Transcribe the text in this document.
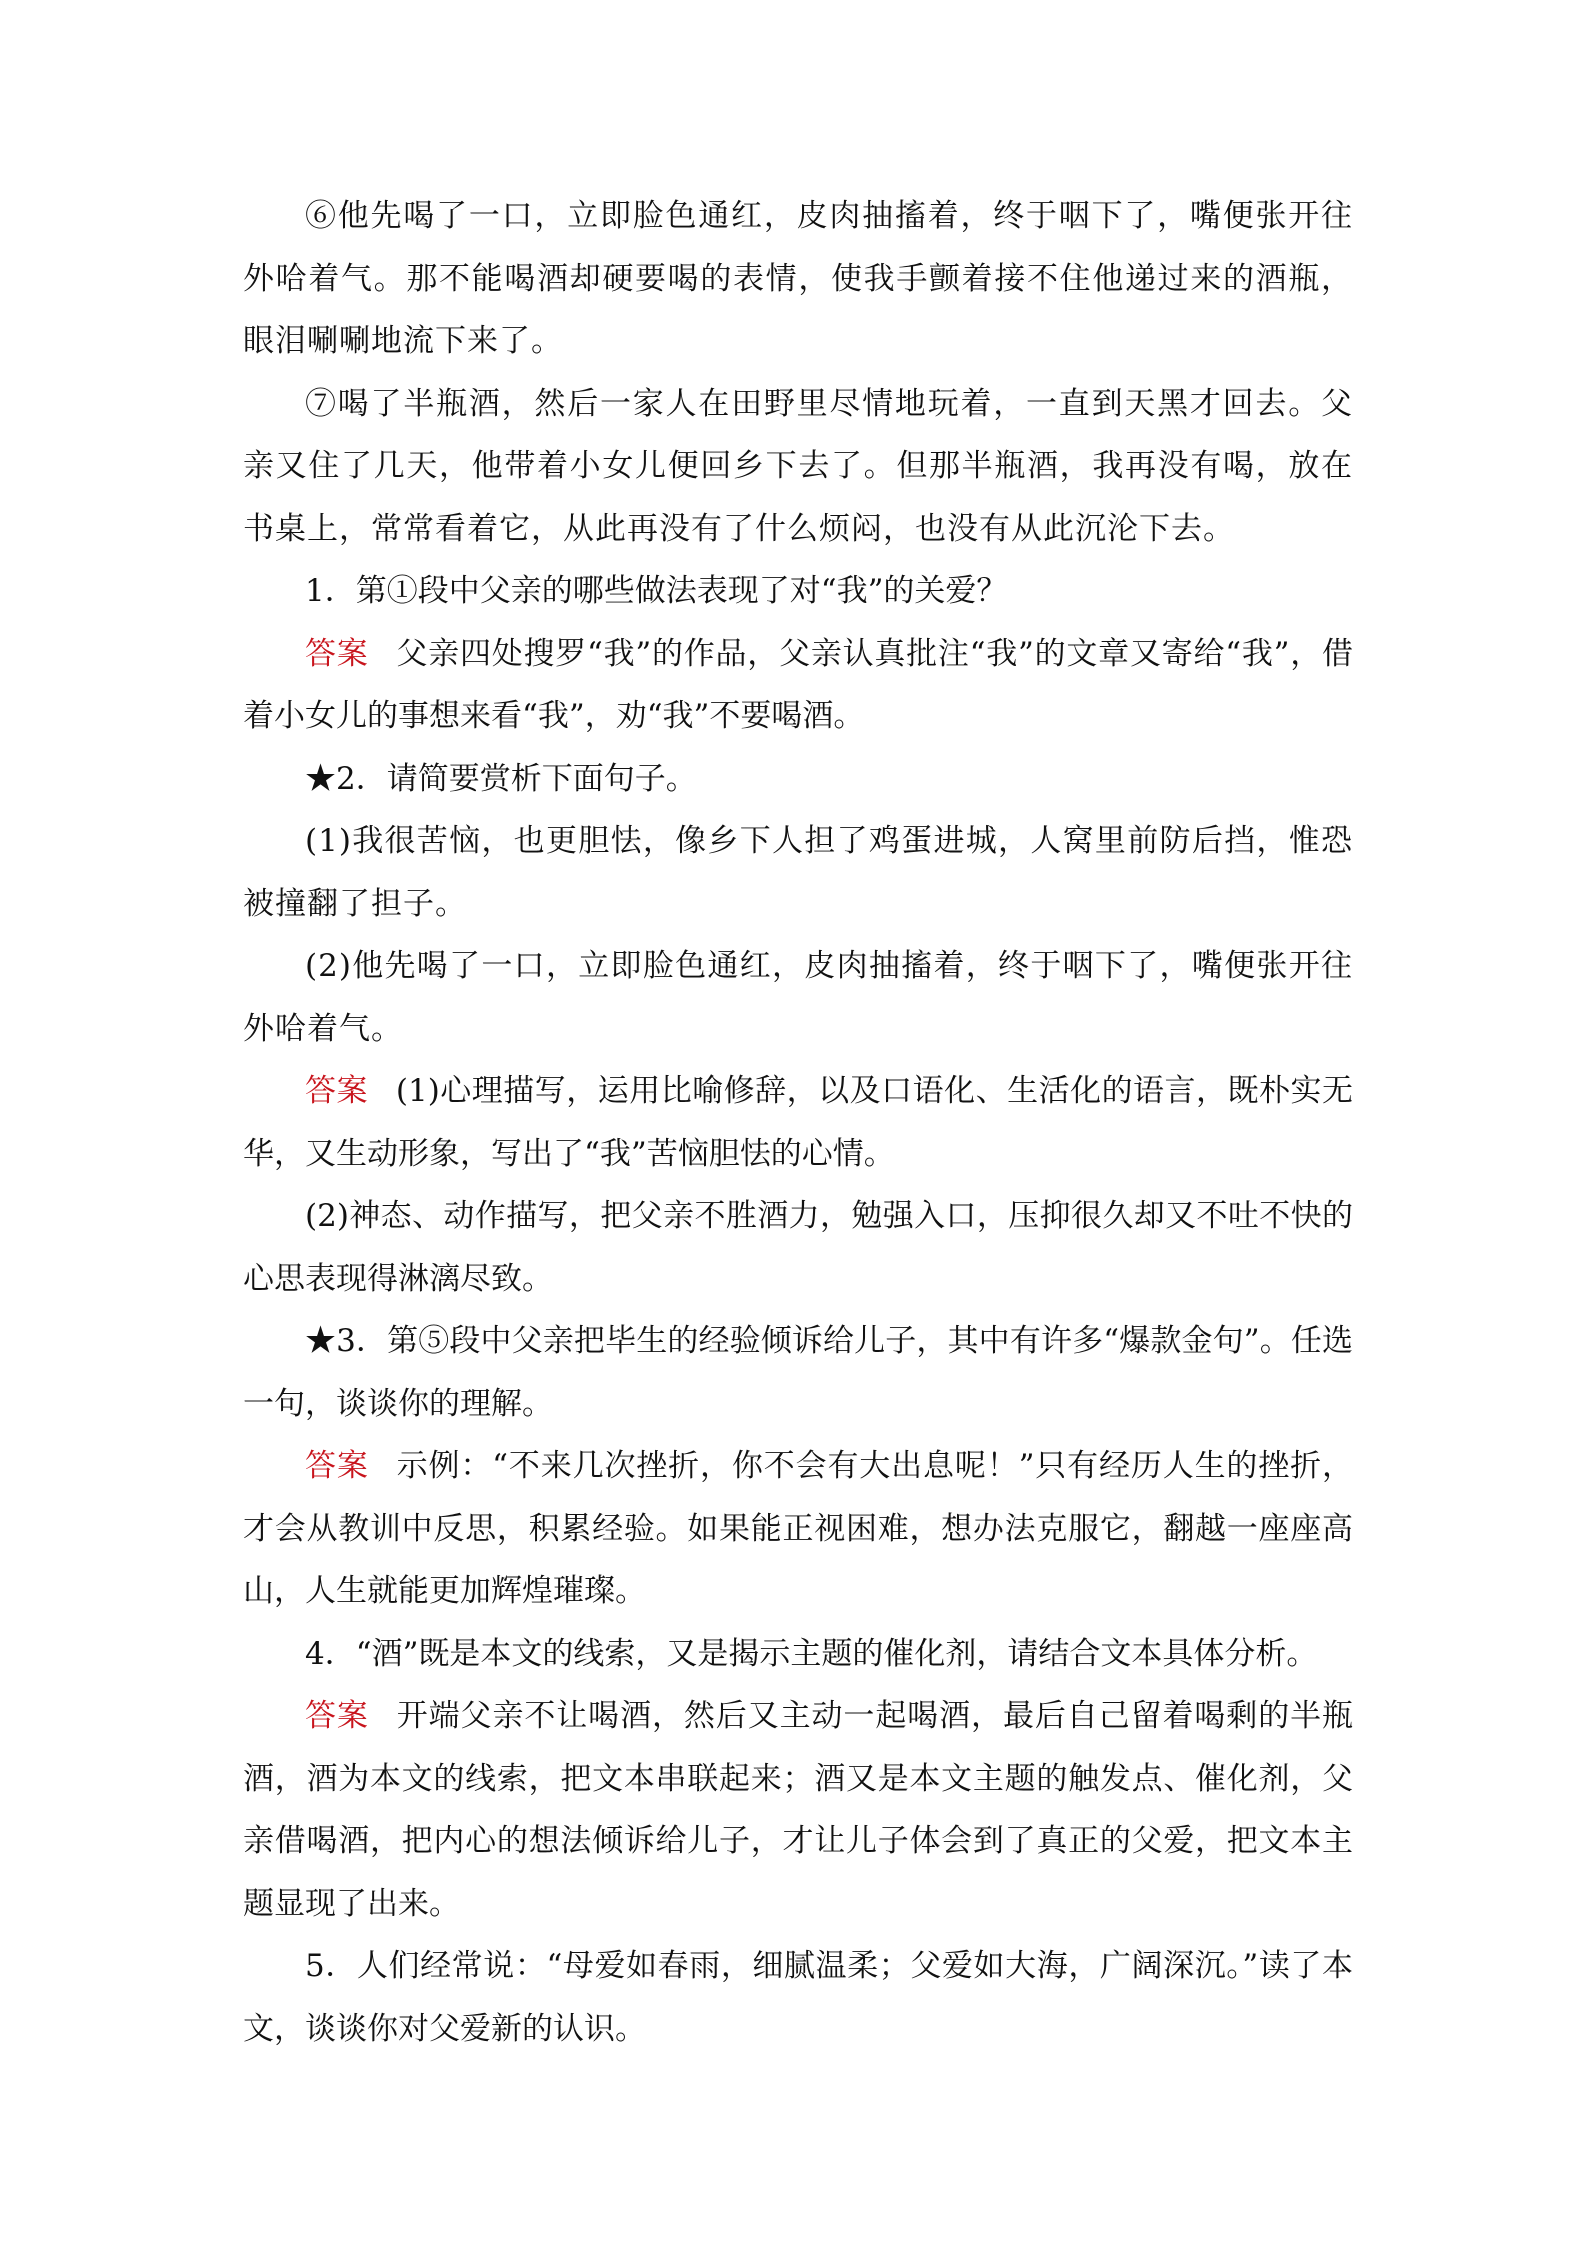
⑥他先喝了一口，立即脸色通红，皮肉抽搐着，终于咽下了，嘴便张开往外哈着气。那不能喝酒却硬要喝的表情，使我手颤着接不住他递过来的酒瓶，眼泪唰唰地流下来了。

⑦喝了半瓶酒，然后一家人在田野里尽情地玩着，一直到天黑才回去。父亲又住了几天，他带着小女儿便回乡下去了。但那半瓶酒，我再没有喝，放在书桌上，常常看着它，从此再没有了什么烦闷，也没有从此沉沦下去。

1．第①段中父亲的哪些做法表现了对“我”的关爱？

答案 父亲四处搜罗“我”的作品，父亲认真批注“我”的文章又寄给“我”，借着小女儿的事想来看“我”，劝“我”不要喝酒。

★2．请简要赏析下面句子。

(1)我很苦恼，也更胆怯，像乡下人担了鸡蛋进城，人窝里前防后挡，惟恐被撞翻了担子。

(2)他先喝了一口，立即脸色通红，皮肉抽搐着，终于咽下了，嘴便张开往外哈着气。

答案 (1)心理描写，运用比喻修辞，以及口语化、生活化的语言，既朴实无华，又生动形象，写出了“我”苦恼胆怯的心情。

(2)神态、动作描写，把父亲不胜酒力，勉强入口，压抑很久却又不吐不快的心思表现得淋漓尽致。

★3．第⑤段中父亲把毕生的经验倾诉给儿子，其中有许多“爆款金句”。任选一句，谈谈你的理解。

答案 示例：“不来几次挫折，你不会有大出息呢！”只有经历人生的挫折，才会从教训中反思，积累经验。如果能正视困难，想办法克服它，翻越一座座高山，人生就能更加辉煌璀璨。

4．“酒”既是本文的线索，又是揭示主题的催化剂，请结合文本具体分析。

答案 开端父亲不让喝酒，然后又主动一起喝酒，最后自己留着喝剩的半瓶酒，酒为本文的线索，把文本串联起来；酒又是本文主题的触发点、催化剂，父亲借喝酒，把内心的想法倾诉给儿子，才让儿子体会到了真正的父爱，把文本主题显现了出来。

5．人们经常说：“母爱如春雨，细腻温柔；父爱如大海，广阔深沉。”读了本文，谈谈你对父爱新的认识。
